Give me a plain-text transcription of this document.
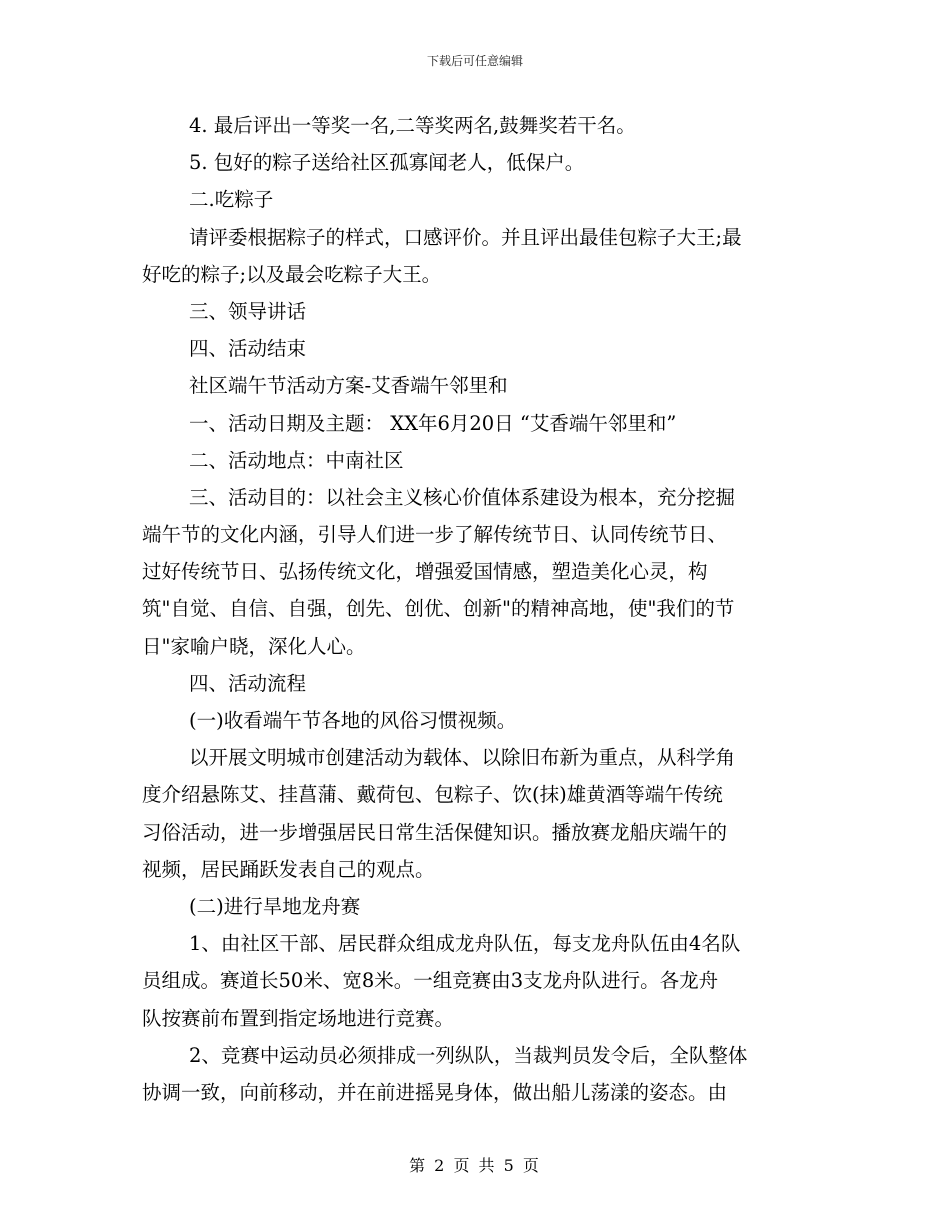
下载后可任意编辑
4. 最后评出一等奖一名,二等奖两名,鼓舞奖若干名。
5. 包好的粽子送给社区孤寡闻老人，低保户。
二.吃粽子
请评委根据粽子的样式，口感评价。并且评出最佳包粽子大王;最
好吃的粽子;以及最会吃粽子大王。
三、领导讲话
四、活动结束
社区端午节活动方案-艾香端午邻里和
一、活动日期及主题： XX年6月20日 “艾香端午邻里和”
二、活动地点：中南社区
三、活动目的：以社会主义核心价值体系建设为根本，充分挖掘
端午节的文化内涵，引导人们进一步了解传统节日、认同传统节日、
过好传统节日、弘扬传统文化，增强爱国情感，塑造美化心灵，构
筑"自觉、自信、自强，创先、创优、创新"的精神高地，使"我们的节
日"家喻户晓，深化人心。
四、活动流程
(一)收看端午节各地的风俗习惯视频。
以开展文明城市创建活动为载体、以除旧布新为重点，从科学角
度介绍悬陈艾、挂菖蒲、戴荷包、包粽子、饮(抹)雄黄酒等端午传统
习俗活动，进一步增强居民日常生活保健知识。播放赛龙船庆端午的
视频，居民踊跃发表自己的观点。
(二)进行旱地龙舟赛
1、由社区干部、居民群众组成龙舟队伍，每支龙舟队伍由4名队
员组成。赛道长50米、宽8米。一组竞赛由3支龙舟队进行。各龙舟
队按赛前布置到指定场地进行竞赛。
2、竞赛中运动员必须排成一列纵队，当裁判员发令后，全队整体
协调一致，向前移动，并在前进摇晃身体，做出船儿荡漾的姿态。由
第 2 页 共 5 页
